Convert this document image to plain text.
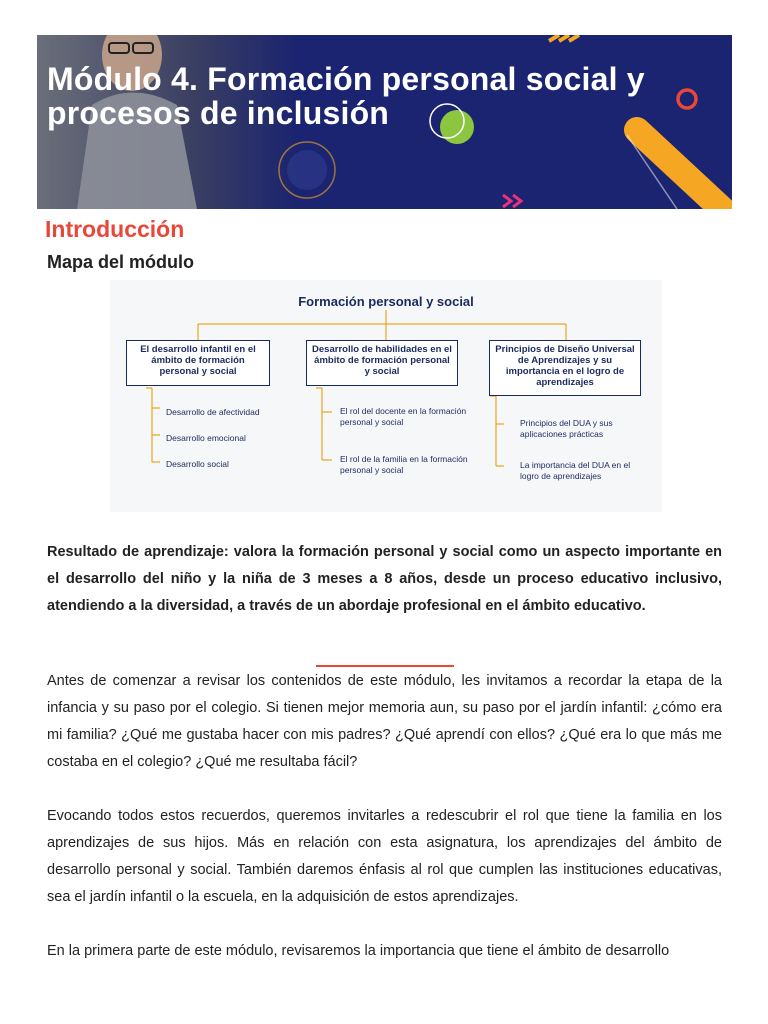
Módulo 4. Formación personal social y procesos de inclusión
Introducción
Mapa del módulo
Formación personal y social
El desarrollo infantil en el ámbito de formación personal y social
Desarrollo de habilidades en el ámbito de formación personal y social
Principios de Diseño Universal de Aprendizajes y su importancia en el logro de aprendizajes
Desarrollo de afectividad
Desarrollo emocional
Desarrollo social
El rol del docente en la formación personal y social
El rol de la familia en la formación personal y social
Principios del DUA y sus aplicaciones prácticas
La importancia del DUA en el logro de aprendizajes

Resultado de aprendizaje: valora la formación personal y social como un aspecto importante en el desarrollo del niño y la niña de 3 meses a 8 años, desde un proceso educativo inclusivo, atendiendo a la diversidad, a través de un abordaje profesional en el ámbito educativo.

Antes de comenzar a revisar los contenidos de este módulo, les invitamos a recordar la etapa de la infancia y su paso por el colegio. Si tienen mejor memoria aun, su paso por el jardín infantil: ¿cómo era mi familia? ¿Qué me gustaba hacer con mis padres? ¿Qué aprendí con ellos? ¿Qué era lo que más me costaba en el colegio? ¿Qué me resultaba fácil?

Evocando todos estos recuerdos, queremos invitarles a redescubrir el rol que tiene la familia en los aprendizajes de sus hijos. Más en relación con esta asignatura, los aprendizajes del ámbito de desarrollo personal y social. También daremos énfasis al rol que cumplen las instituciones educativas, sea el jardín infantil o la escuela, en la adquisición de estos aprendizajes.

En la primera parte de este módulo, revisaremos la importancia que tiene el ámbito de desarrollo
